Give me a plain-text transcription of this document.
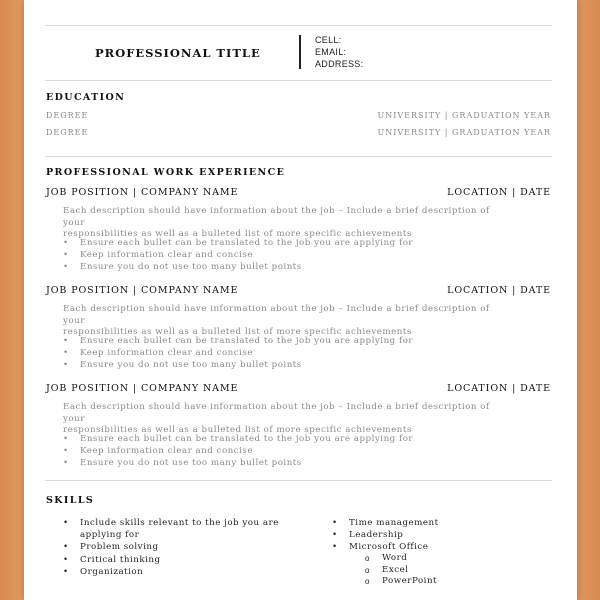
PROFESSIONAL TITLE
CELL:
EMAIL:
ADDRESS:
EDUCATION
DEGREE	UNIVERSITY | GRADUATION YEAR
DEGREE	UNIVERSITY | GRADUATION YEAR
PROFESSIONAL WORK EXPERIENCE
JOB POSITION | COMPANY NAME	LOCATION | DATE
Each description should have information about the job – Include a brief description of your
responsibilities as well as a bulleted list of more specific achievements
• Ensure each bullet can be translated to the job you are applying for
• Keep information clear and concise
• Ensure you do not use too many bullet points
JOB POSITION | COMPANY NAME	LOCATION | DATE
Each description should have information about the job – Include a brief description of your
responsibilities as well as a bulleted list of more specific achievements
• Ensure each bullet can be translated to the job you are applying for
• Keep information clear and concise
• Ensure you do not use too many bullet points
JOB POSITION | COMPANY NAME	LOCATION | DATE
Each description should have information about the job – Include a brief description of your
responsibilities as well as a bulleted list of more specific achievements
• Ensure each bullet can be translated to the job you are applying for
• Keep information clear and concise
• Ensure you do not use too many bullet points
SKILLS
• Include skills relevant to the job you are
applying for
• Problem solving
• Critical thinking
• Organization
• Time management
• Leadership
• Microsoft Office
o Word
o Excel
o PowerPoint
